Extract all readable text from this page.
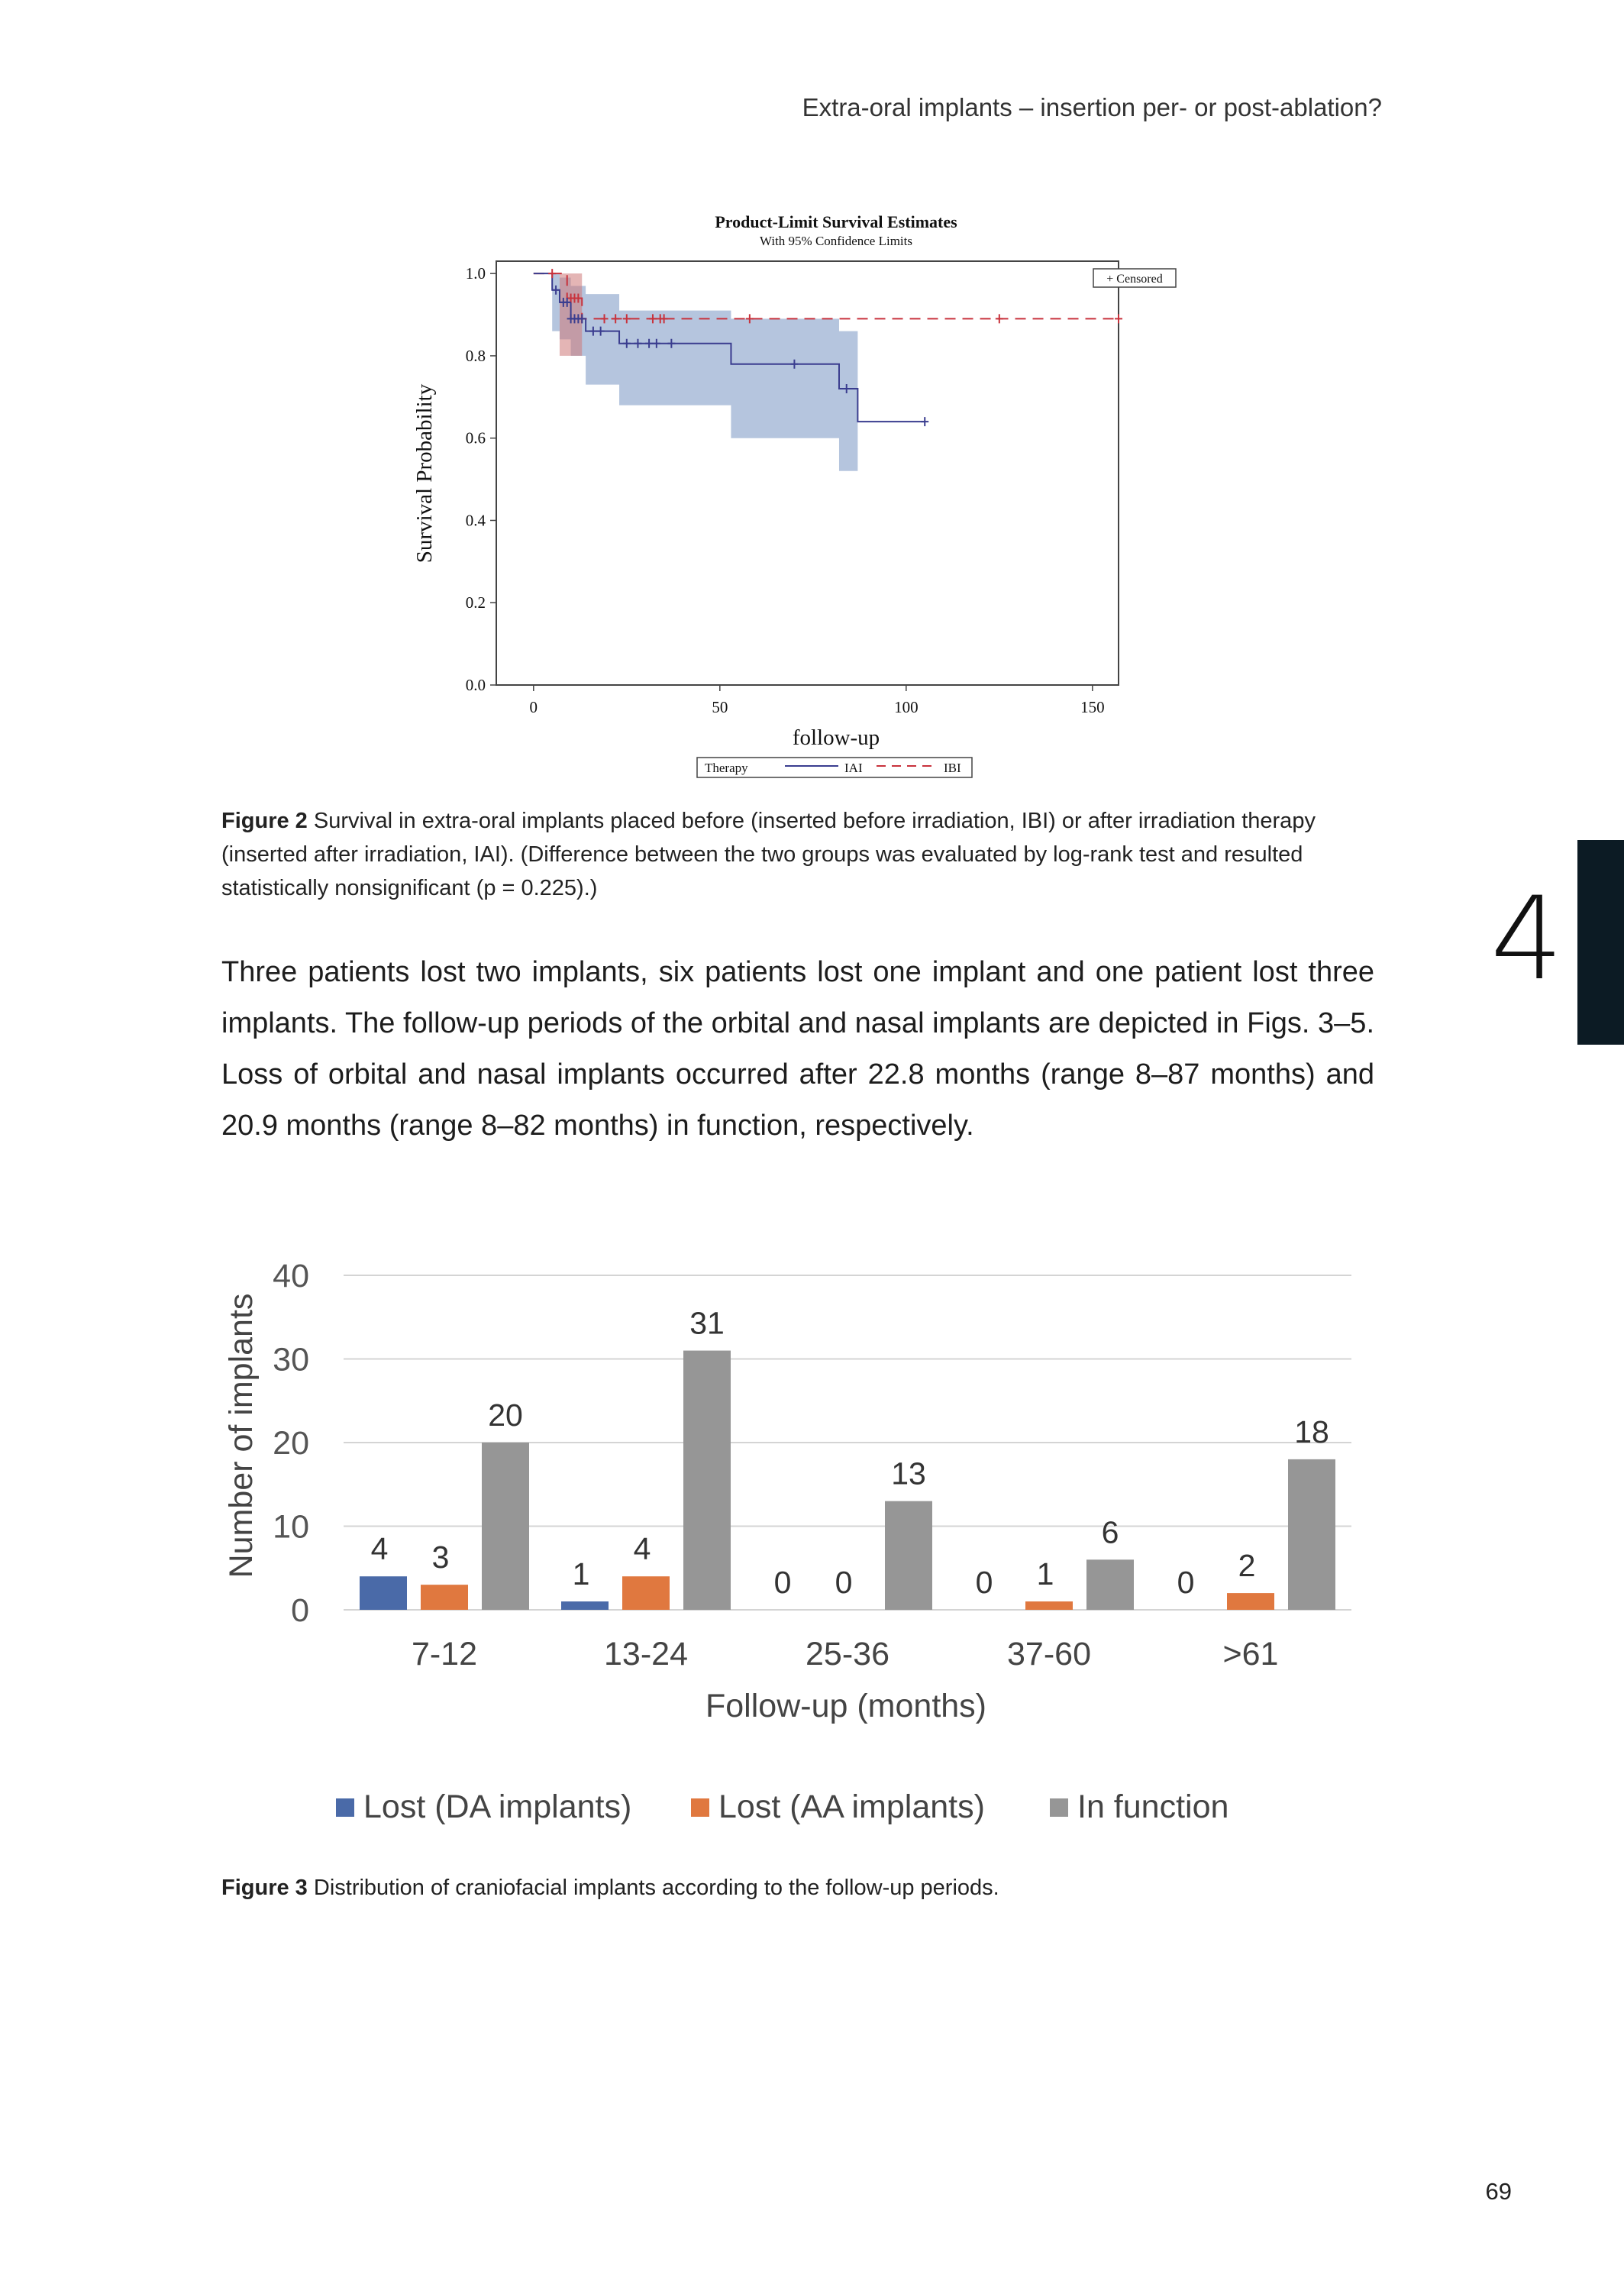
Extra-oral implants – insertion per- or post-ablation?
4
Product-Limit Survival Estimates
With 95% Confidence Limits
+ Censored
0.0
0.2
0.4
0.6
0.8
1.0
0	50	100	150
Survival Probability
follow-up
Therapy	IAI	IBI
Figure 2 Survival in extra-oral implants placed before (inserted before irradiation, IBI) or after irradiation therapy (inserted after irradiation, IAI). (Difference between the two groups was evaluated by log-rank test and resulted statistically nonsignificant (p = 0.225).)
Three patients lost two implants, six patients lost one implant and one patient lost three implants. The follow-up periods of the orbital and nasal implants are depicted in Figs. 3–5. Loss of orbital and nasal implants occurred after 22.8 months (range 8–87 months) and 20.9 months (range 8–82 months) in function, respectively.
4 3
20
1
4
31
0 0
13
0 1
6
0 2
18
7-12	13-24	25-36	37-60	>61
0
10
20
30
40
Number of implants
Follow-up (months)
Lost (DA implants)	Lost (AA implants)	In function
Figure 3 Distribution of craniofacial implants according to the follow-up periods.
69
